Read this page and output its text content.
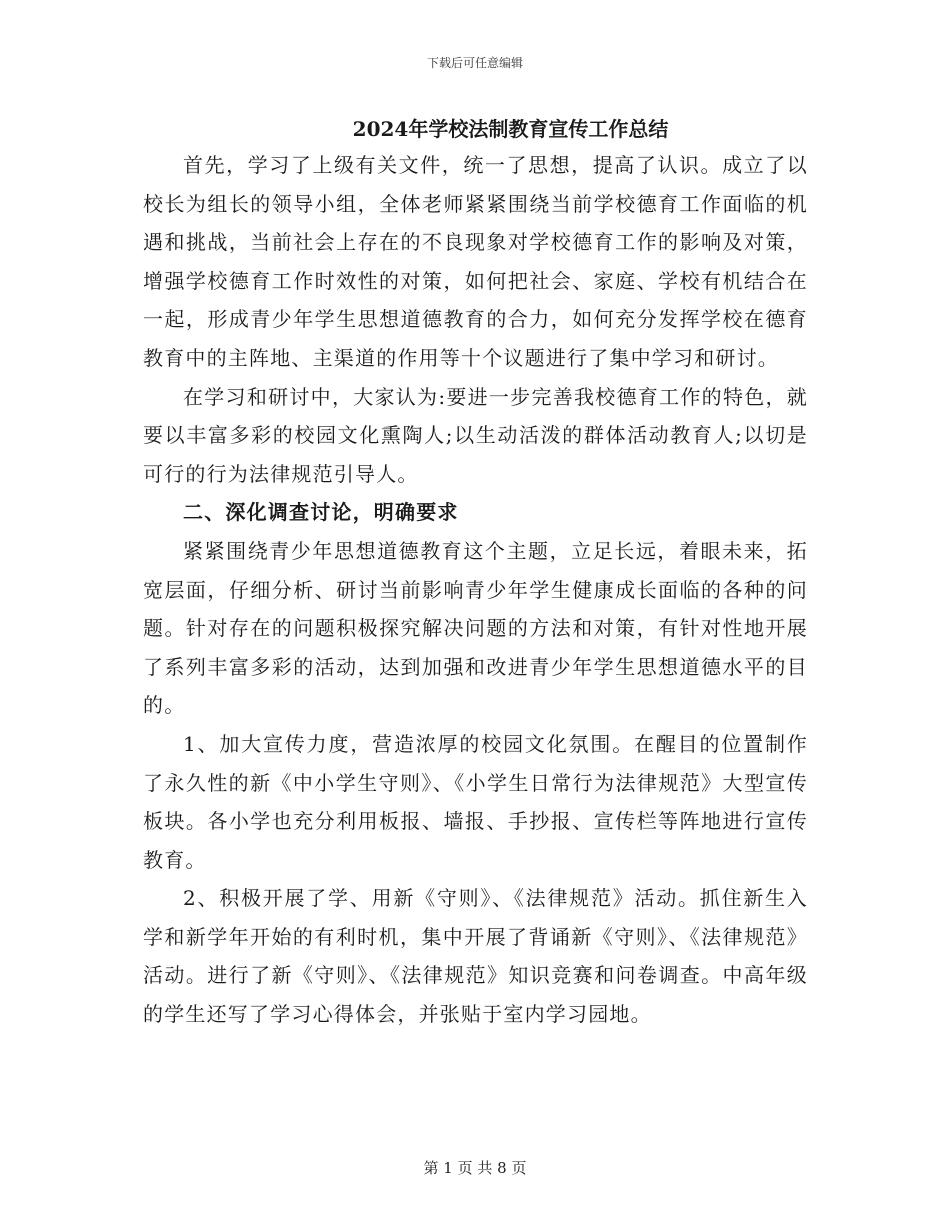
下载后可任意编辑
2024年学校法制教育宣传工作总结

首先，学习了上级有关文件，统一了思想，提高了认识。成立了以校长为组长的领导小组，全体老师紧紧围绕当前学校德育工作面临的机遇和挑战，当前社会上存在的不良现象对学校德育工作的影响及对策，增强学校德育工作时效性的对策，如何把社会、家庭、学校有机结合在一起，形成青少年学生思想道德教育的合力，如何充分发挥学校在德育教育中的主阵地、主渠道的作用等十个议题进行了集中学习和研讨。

在学习和研讨中，大家认为:要进一步完善我校德育工作的特色，就要以丰富多彩的校园文化熏陶人;以生动活泼的群体活动教育人;以切是可行的行为法律规范引导人。

二、深化调查讨论，明确要求

紧紧围绕青少年思想道德教育这个主题，立足长远，着眼未来，拓宽层面，仔细分析、研讨当前影响青少年学生健康成长面临的各种的问题。针对存在的问题积极探究解决问题的方法和对策，有针对性地开展了系列丰富多彩的活动，达到加强和改进青少年学生思想道德水平的目的。

1、加大宣传力度，营造浓厚的校园文化氛围。在醒目的位置制作了永久性的新《中小学生守则》、《小学生日常行为法律规范》大型宣传板块。各小学也充分利用板报、墙报、手抄报、宣传栏等阵地进行宣传教育。

2、积极开展了学、用新《守则》、《法律规范》活动。抓住新生入学和新学年开始的有利时机，集中开展了背诵新《守则》、《法律规范》活动。进行了新《守则》、《法律规范》知识竞赛和问卷调查。中高年级的学生还写了学习心得体会，并张贴于室内学习园地。

第 1 页 共 8 页
